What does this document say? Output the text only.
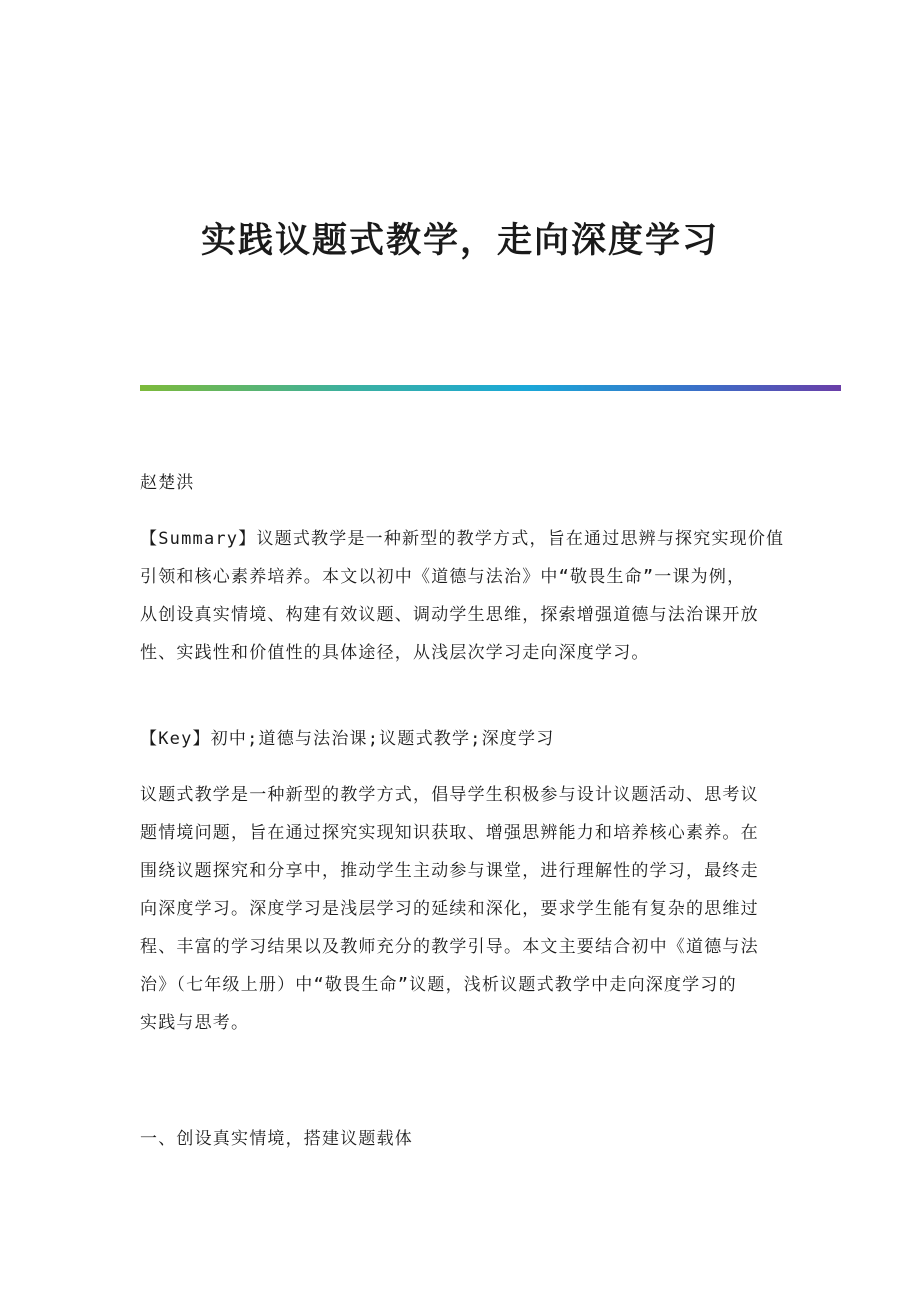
实践议题式教学，走向深度学习
赵楚洪
【Summary】议题式教学是一种新型的教学方式，旨在通过思辨与探究实现价值
引领和核心素养培养。本文以初中《道德与法治》中“敬畏生命”一课为例，
从创设真实情境、构建有效议题、调动学生思维，探索增强道德与法治课开放
性、实践性和价值性的具体途径，从浅层次学习走向深度学习。
【Key】初中;道德与法治课;议题式教学;深度学习
议题式教学是一种新型的教学方式，倡导学生积极参与设计议题活动、思考议
题情境问题，旨在通过探究实现知识获取、增强思辨能力和培养核心素养。在
围绕议题探究和分享中，推动学生主动参与课堂，进行理解性的学习，最终走
向深度学习。深度学习是浅层学习的延续和深化，要求学生能有复杂的思维过
程、丰富的学习结果以及教师充分的教学引导。本文主要结合初中《道德与法
治》（七年级上册）中“敬畏生命”议题，浅析议题式教学中走向深度学习的
实践与思考。
一、创设真实情境，搭建议题载体
